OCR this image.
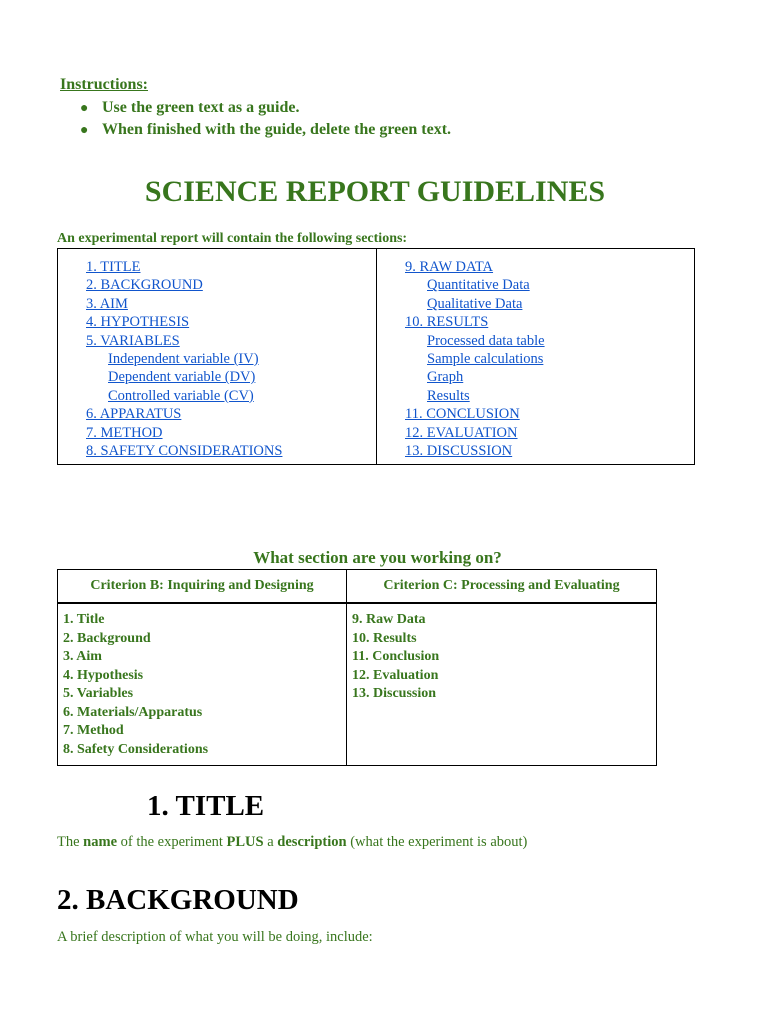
Instructions:
● Use the green text as a guide.
● When finished with the guide, delete the green text.
SCIENCE REPORT GUIDELINES
An experimental report will contain the following sections:
1. TITLE
2. BACKGROUND
3. AIM
4. HYPOTHESIS
5. VARIABLES
Independent variable (IV)
Dependent variable (DV)
Controlled variable (CV)
6. APPARATUS
7. METHOD
8. SAFETY CONSIDERATIONS
9. RAW DATA
Quantitative Data
Qualitative Data
10. RESULTS
Processed data table
Sample calculations
Graph
Results
11. CONCLUSION
12. EVALUATION
13. DISCUSSION
What section are you working on?
Criterion B: Inquiring and Designing	Criterion C: Processing and Evaluating
1. Title
2. Background
3. Aim
4. Hypothesis
5. Variables
6. Materials/Apparatus
7. Method
8. Safety Considerations
9. Raw Data
10. Results
11. Conclusion
12. Evaluation
13. Discussion
1. TITLE
The name of the experiment PLUS a description (what the experiment is about)
2. BACKGROUND
A brief description of what you will be doing, include:
